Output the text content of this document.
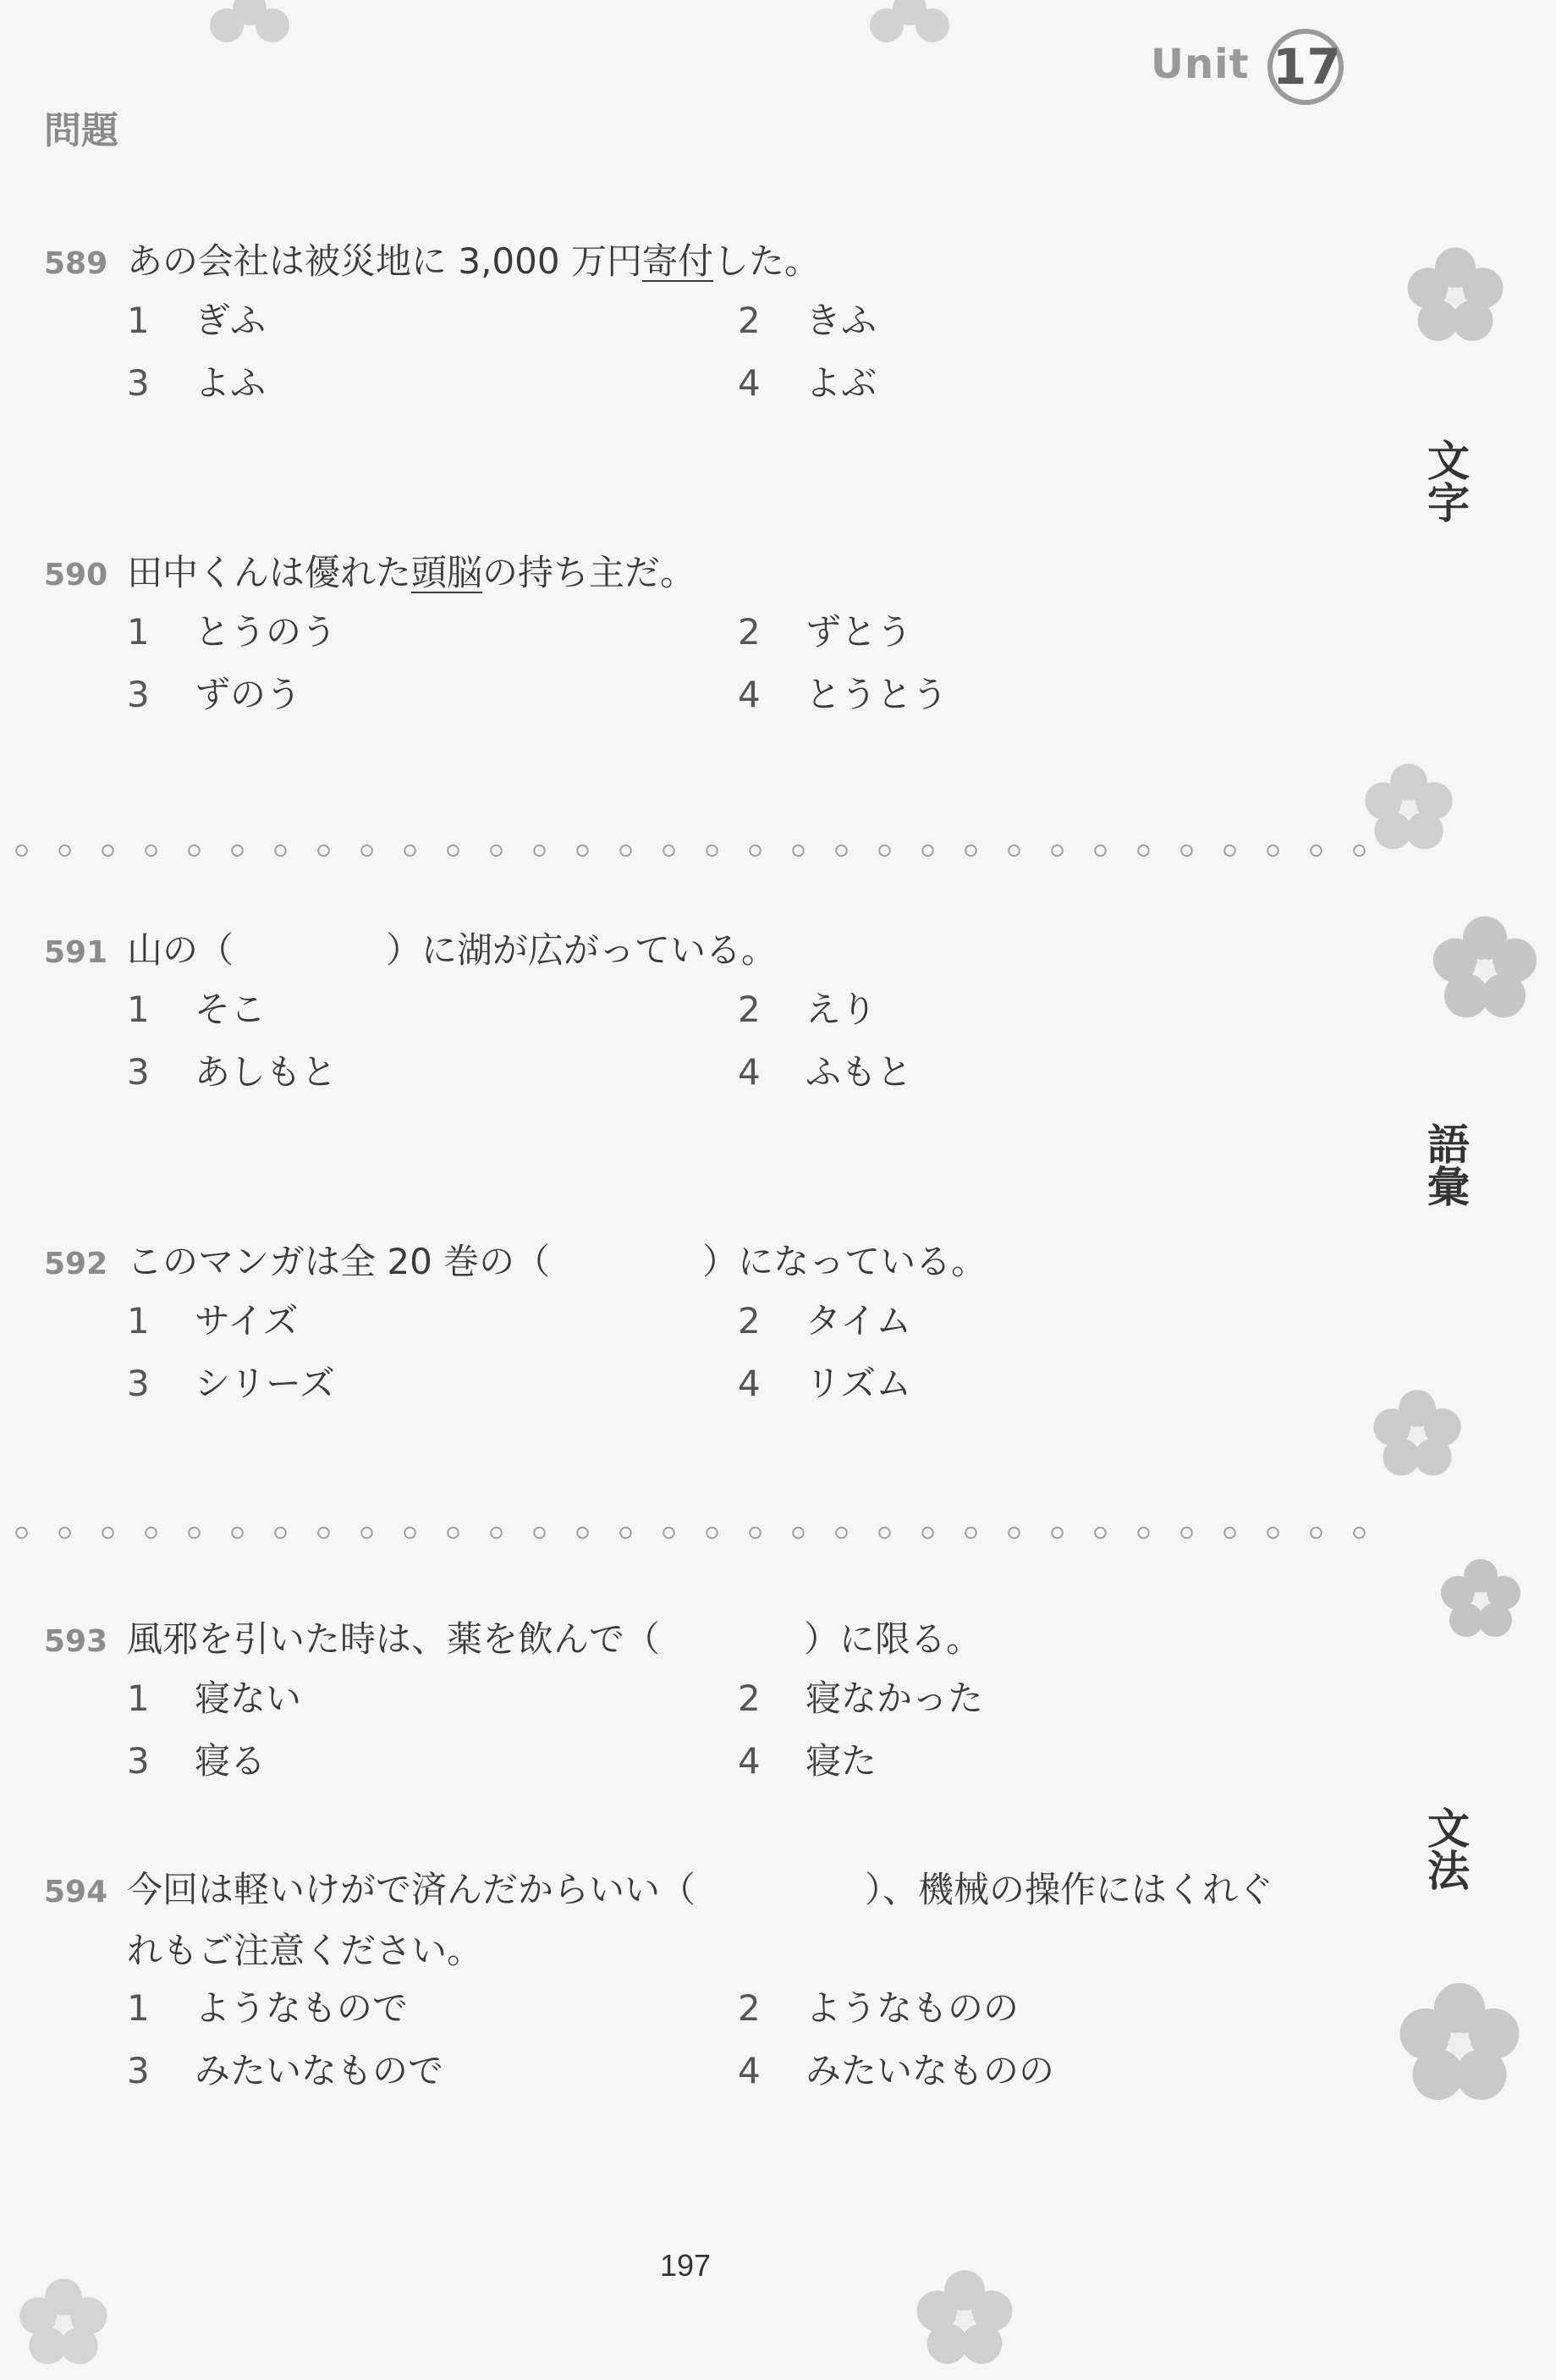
Unit 17
問題
文字
語彙
文法
589 あの会社は被災地に 3,000 万円寄付した。
1	ぎふ	2	きふ
3	よふ	4	よぶ
590 田中くんは優れた頭脳の持ち主だ。
1	とうのう	2	ずとう
3	ずのう	4	とうとう
591 山の（	）に湖が広がっている。
1	そこ	2	えり
3	あしもと	4	ふもと
592 このマンガは全 20 巻の（	）になっている。
1	サイズ	2	タイム
3	シリーズ	4	リズム
593 風邪を引いた時は、薬を飲んで（	）に限る。
1	寝ない	2	寝なかった
3	寝る	4	寝た
594 今回は軽いけがで済んだからいい（	）、機械の操作にはくれぐ
れもご注意ください。
1	ようなもので	2	ようなものの
3	みたいなもので	4	みたいなものの
197
